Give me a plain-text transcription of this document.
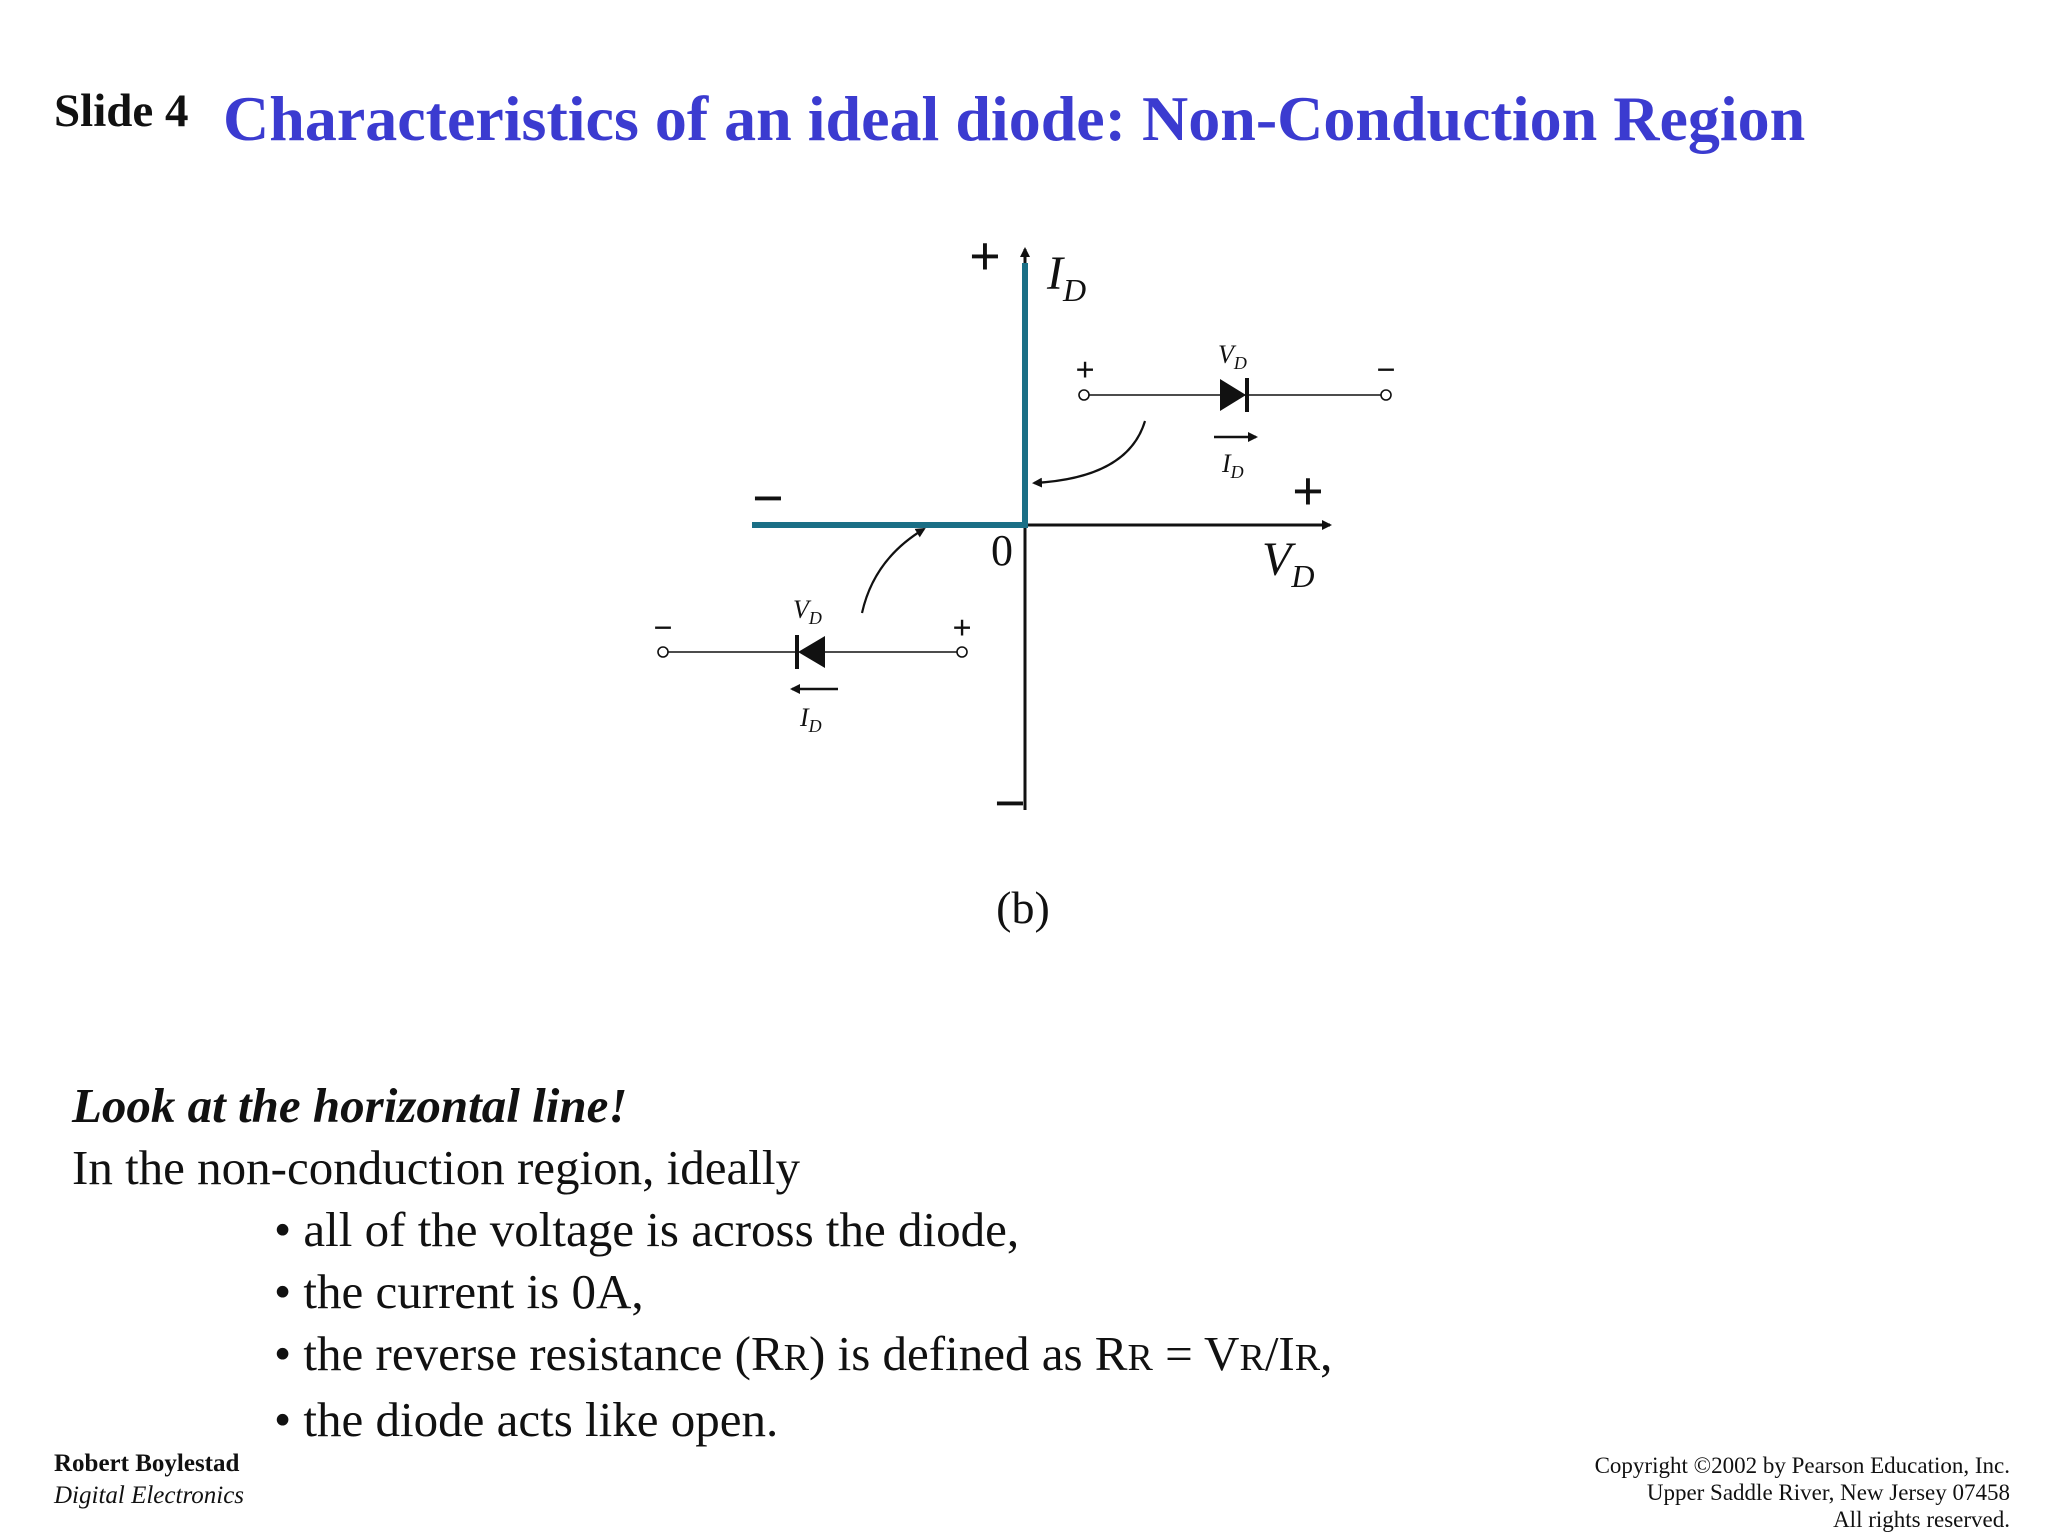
Slide 4 Characteristics of an ideal diode: Non-Conduction Region
+ $I_D$
−
−	+
$V_D$
0
+	−
$V_D$
$I_D$
−	+
$V_D$
$I_D$
(b)
Look at the horizontal line!
In the non-conduction region, ideally
• all of the voltage is across the diode,
• the current is 0A,
• the reverse resistance (RR) is defined as RR = VR/IR,
• the diode acts like open.
Robert Boylestad
Digital Electronics
Copyright ©2002 by Pearson Education, Inc.
Upper Saddle River, New Jersey 07458
All rights reserved.
